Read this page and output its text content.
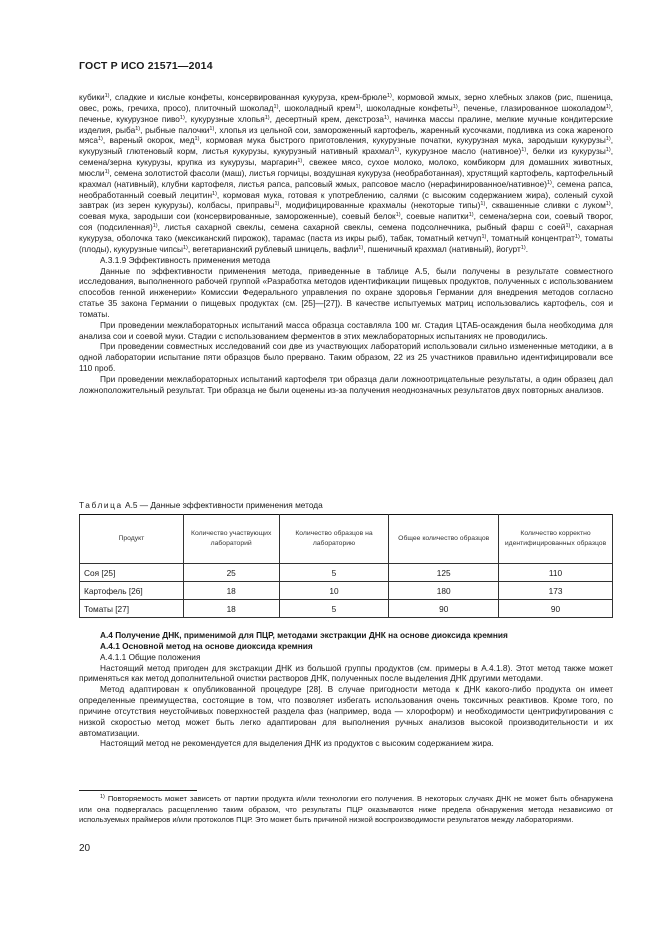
ГОСТ Р ИСО 21571—2014

кубики$^{1)}$, сладкие и кислые конфеты, консервированная кукуруза, крем-брюле$^{1)}$, кормовой жмых, зерно хлебных злаков (рис, пшеница, овес, рожь, гречиха, просо), плиточный шоколад$^{1)}$, шоколадный крем$^{1)}$, шоколадные конфеты$^{1)}$, печенье, глазированное шоколадом$^{1)}$, печенье, кукурузное пиво$^{1)}$, кукурузные хлопья$^{1)}$, десертный крем, декстроза$^{1)}$, начинка массы пралине, мелкие мучные кондитерские изделия, рыба$^{1)}$, рыбные палочки$^{1)}$, хлопья из цельной сои, замороженный картофель, жаренный кусочками, подливка из сока жареного мяса$^{1)}$, вареный окорок, мед$^{1)}$, кормовая мука быстрого приготовления, кукурузные початки, кукурузная мука, зародыши кукурузы$^{1)}$, кукурузный глютеновый корм, листья кукурузы, кукурузный нативный крахмал$^{1)}$, кукурузное масло (нативное)$^{1)}$, белки из кукурузы$^{1)}$, семена/зерна кукурузы, крупка из кукурузы, маргарин$^{1)}$, свежее мясо, сухое молоко, молоко, комбикорм для домашних животных, мюсли$^{1)}$, семена золотистой фасоли (маш), листья горчицы, воздушная кукуруза (необработанная), хрустящий картофель, картофельный крахмал (нативный), клубни картофеля, листья рапса, рапсовый жмых, рапсовое масло (нерафинированное/нативное)$^{1)}$, семена рапса, необработанный соевый лецитин$^{1)}$, кормовая мука, готовая к употреблению, салями (с высоким содержанием жира), соленый сухой завтрак (из зерен кукурузы), колбасы, приправы$^{1)}$, модифицированные крахмалы (некоторые типы)$^{1)}$, сквашенные сливки с луком$^{1)}$, соевая мука, зародыши сои (консервированные, замороженные), соевый белок$^{1)}$, соевые напитки$^{1)}$, семена/зерна сои, соевый творог, соя (подсиленная)$^{1)}$, листья сахарной свеклы, семена сахарной свеклы, семена подсолнечника, рыбный фарш с соей$^{1)}$, сахарная кукуруза, оболочка тако (мексиканский пирожок), тарамас (паста из икры рыб), табак, томатный кетчуп$^{1)}$, томатный концентрат$^{1)}$, томаты (плоды), кукурузные чипсы$^{1)}$, вегетарианский рублевый шницель, вафли$^{1)}$, пшеничный крахмал (нативный), йогурт$^{1)}$.

А.3.1.9 Эффективность применения метода

Данные по эффективности применения метода, приведенные в таблице А.5, были получены в результате совместного исследования, выполненного рабочей группой «Разработка методов идентификации пищевых продуктов, полученных с использованием способов генной инженерии» Комиссии Федерального управления по охране здоровья Германии для внедрения методов согласно статье 35 закона Германии о пищевых продуктах (см. [25]—[27]). В качестве испытуемых матриц использовались картофель, соя и томаты.

При проведении межлабораторных испытаний масса образца составляла 100 мг. Стадия ЦТАБ-осаждения была необходима для анализа сои и соевой муки. Стадии с использованием ферментов в этих межлабораторных испытаниях не проводились.

При проведении совместных исследований сои две из участвующих лабораторий использовали сильно измененные методики, а в одной лаборатории испытание пяти образцов было прервано. Таким образом, 22 из 25 участников правильно идентифицировали все 110 проб.

При проведении межлабораторных испытаний картофеля три образца дали ложноотрицательные результаты, а один образец дал ложноположительный результат. Три образца не были оценены из-за получения неоднозначных результатов двух повторных анализов.

Таблица А.5 — Данные эффективности применения метода
Продукт	Количество участвующих лабораторий	Количество образцов на лабораторию	Общее количество образцов	Количество корректно идентифицированных образцов
Соя [25]	25	5	125	110
Картофель [26]	18	10	180	173
Томаты [27]	18	5	90	90

А.4 Получение ДНК, применимой для ПЦР, методами экстракции ДНК на основе диоксида кремния

А.4.1 Основной метод на основе диоксида кремния

А.4.1.1 Общие положения

Настоящий метод пригоден для экстракции ДНК из большой группы продуктов (см. примеры в А.4.1.8). Этот метод также может применяться как метод дополнительной очистки растворов ДНК, полученных после выделения ДНК другими методами.

Метод адаптирован к опубликованной процедуре [28]. В случае пригодности метода к ДНК какого-либо продукта он имеет определенные преимущества, состоящие в том, что позволяет избегать использования очень токсичных реактивов. Кроме того, по причине отсутствия неустойчивых поверхностей раздела фаз (например, вода — хлороформ) и необходимости центрифугирования с низкой скоростью метод может быть легко адаптирован для выполнения ручных анализов высокой производительности и их автоматизации.

Настоящий метод не рекомендуется для выделения ДНК из продуктов с высоким содержанием жира.

$^{1)}$ Повторяемость может зависеть от партии продукта и/или технологии его получения. В некоторых случаях ДНК не может быть обнаружена или она подвергалась расщеплению таким образом, что результаты ПЦР оказываются ниже предела обнаружения метода независимо от используемых праймеров и/или протоколов ПЦР. Это может быть причиной низкой воспроизводимости результатов между лабораториями.

20
